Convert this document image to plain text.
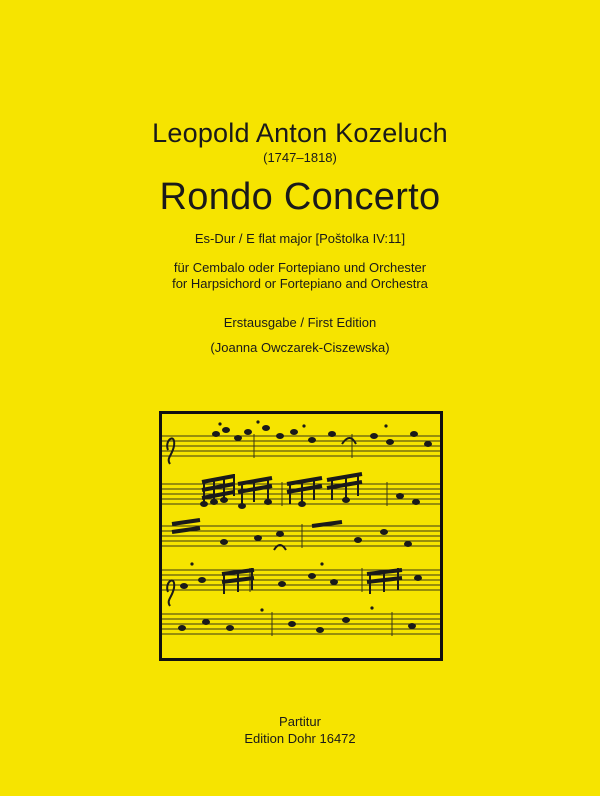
Leopold Anton Kozeluch
(1747–1818)
Rondo Concerto
Es-Dur / E flat major [Poštolka IV:11]
für Cembalo oder Fortepiano und Orchester
for Harpsichord or Fortepiano and Orchestra
Erstausgabe / First Edition
(Joanna Owczarek-Ciszewska)
Partitur
Edition Dohr 16472
